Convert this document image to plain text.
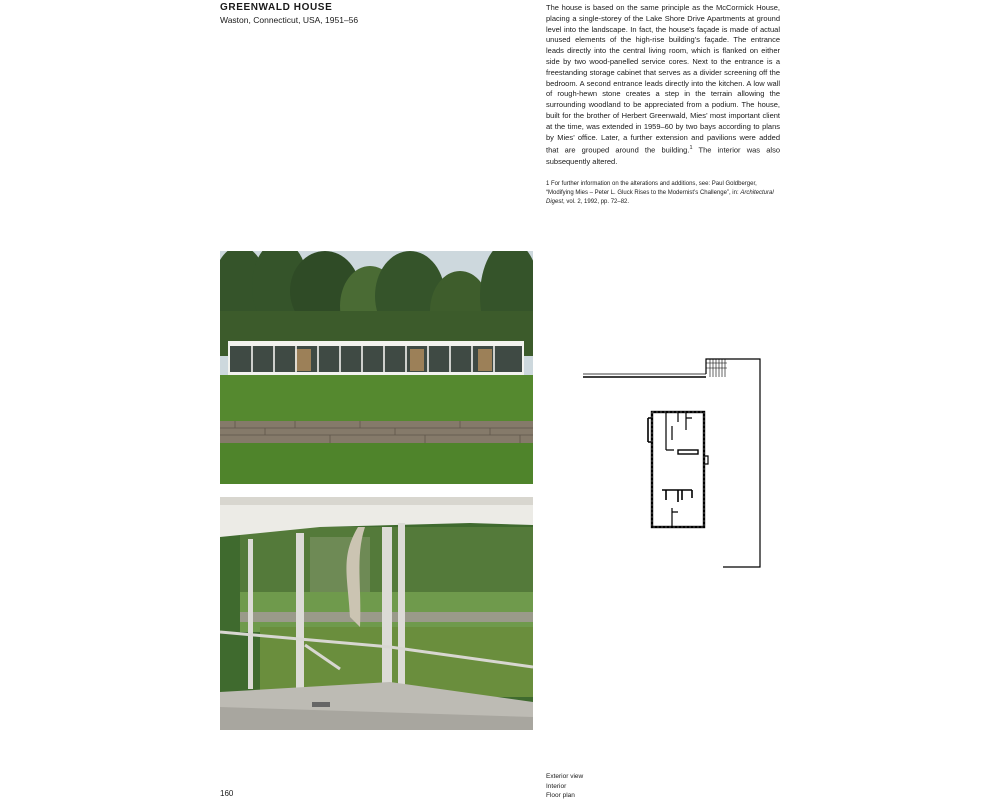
GREENWALD HOUSE

Waston, Connecticut, USA, 1951–56

The house is based on the same principle as the McCormick House, placing a single-storey of the Lake Shore Drive Apartments at ground level into the landscape. In fact, the house’s façade is made of actual unused elements of the high-rise building’s façade. The entrance leads directly into the central living room, which is flanked on either side by two wood-panelled service cores. Next to the entrance is a freestanding storage cabinet that serves as a divider screening off the bedroom. A second entrance leads directly into the kitchen. A low wall of rough-hewn stone creates a step in the terrain allowing the surrounding woodland to be appreciated from a podium. The house, built for the brother of Herbert Greenwald, Mies’ most important client at the time, was extended in 1959–60 by two bays according to plans by Mies’ office. Later, a further extension and pavilions were added that are grouped around the building.$^1$ The interior was also subsequently altered.

1 For further information on the alterations and additions, see: Paul Goldberger, “Modifying Mies – Peter L. Gluck Rises to the Modernist’s Challenge”, in: Architectural Digest, vol. 2, 1992, pp. 72–82.

160

Exterior view
Interior
Floor plan
